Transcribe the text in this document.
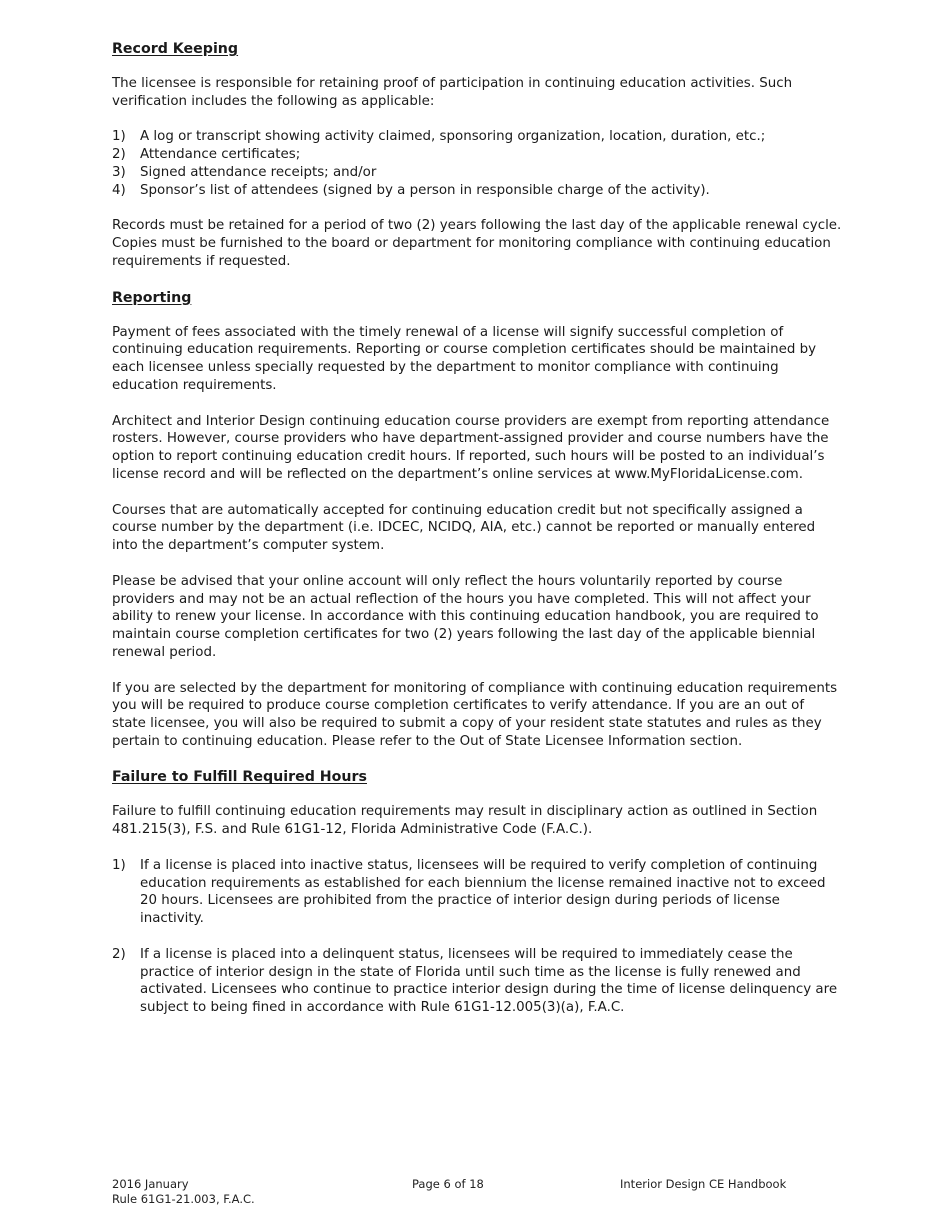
Record Keeping

The licensee is responsible for retaining proof of participation in continuing education activities. Such verification includes the following as applicable:

1)	A log or transcript showing activity claimed, sponsoring organization, location, duration, etc.;
2)	Attendance certificates;
3)	Signed attendance receipts; and/or
4)	Sponsor’s list of attendees (signed by a person in responsible charge of the activity).

Records must be retained for a period of two (2) years following the last day of the applicable renewal cycle. Copies must be furnished to the board or department for monitoring compliance with continuing education requirements if requested.

Reporting

Payment of fees associated with the timely renewal of a license will signify successful completion of continuing education requirements. Reporting or course completion certificates should be maintained by each licensee unless specially requested by the department to monitor compliance with continuing education requirements.

Architect and Interior Design continuing education course providers are exempt from reporting attendance rosters. However, course providers who have department-assigned provider and course numbers have the option to report continuing education credit hours. If reported, such hours will be posted to an individual’s license record and will be reflected on the department’s online services at www.MyFloridaLicense.com.

Courses that are automatically accepted for continuing education credit but not specifically assigned a course number by the department (i.e. IDCEC, NCIDQ, AIA, etc.) cannot be reported or manually entered into the department’s computer system.

Please be advised that your online account will only reflect the hours voluntarily reported by course providers and may not be an actual reflection of the hours you have completed. This will not affect your ability to renew your license. In accordance with this continuing education handbook, you are required to maintain course completion certificates for two (2) years following the last day of the applicable biennial renewal period.

If you are selected by the department for monitoring of compliance with continuing education requirements you will be required to produce course completion certificates to verify attendance. If you are an out of state licensee, you will also be required to submit a copy of your resident state statutes and rules as they pertain to continuing education. Please refer to the Out of State Licensee Information section.

Failure to Fulfill Required Hours

Failure to fulfill continuing education requirements may result in disciplinary action as outlined in Section 481.215(3), F.S. and Rule 61G1-12, Florida Administrative Code (F.A.C.).

1)	If a license is placed into inactive status, licensees will be required to verify completion of continuing education requirements as established for each biennium the license remained inactive not to exceed 20 hours. Licensees are prohibited from the practice of interior design during periods of license inactivity.
2)	If a license is placed into a delinquent status, licensees will be required to immediately cease the practice of interior design in the state of Florida until such time as the license is fully renewed and activated. Licensees who continue to practice interior design during the time of license delinquency are subject to being fined in accordance with Rule 61G1-12.005(3)(a), F.A.C.
2016 January
Rule 61G1-21.003, F.A.C.
Page 6 of 18	Interior Design CE Handbook
